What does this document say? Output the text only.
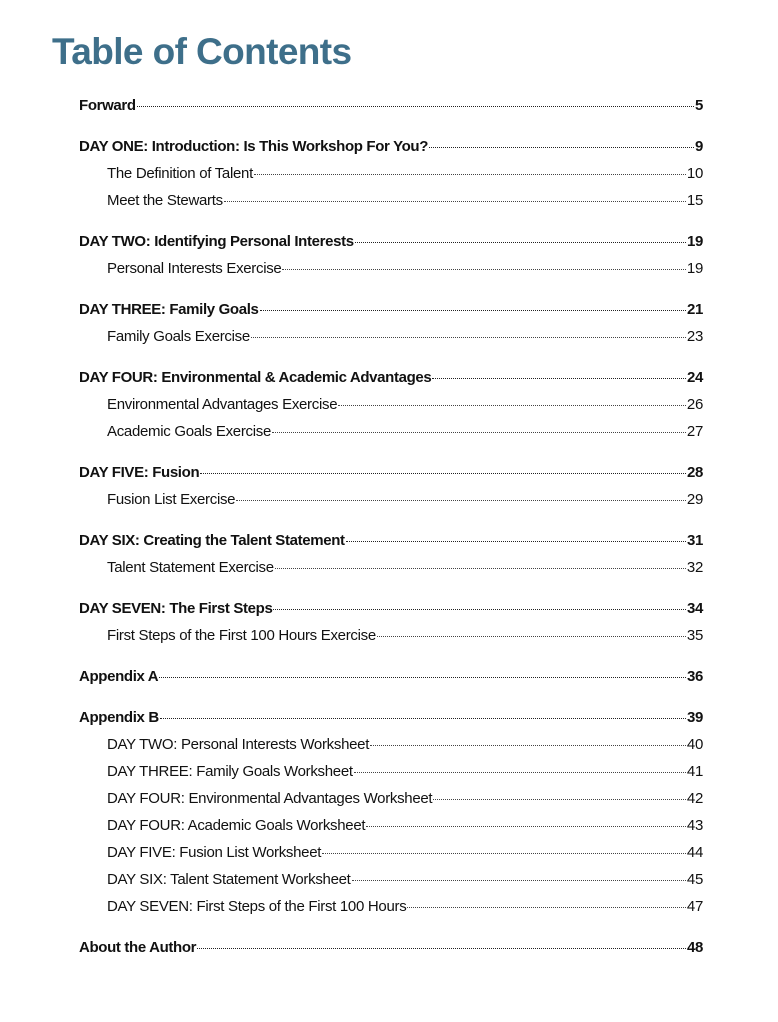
Table of Contents
Forward	5
DAY ONE: Introduction: Is This Workshop For You?	9
The Definition of Talent	10
Meet the Stewarts	15
DAY TWO: Identifying Personal Interests	19
Personal Interests Exercise	19
DAY THREE: Family Goals	21
Family Goals Exercise	23
DAY FOUR: Environmental & Academic Advantages	24
Environmental Advantages Exercise	26
Academic Goals Exercise	27
DAY FIVE: Fusion	28
Fusion List Exercise	29
DAY SIX: Creating the Talent Statement	31
Talent Statement Exercise	32
DAY SEVEN: The First Steps	34
First Steps of the First 100 Hours Exercise	35
Appendix A	36
Appendix B	39
DAY TWO: Personal Interests Worksheet	40
DAY THREE: Family Goals Worksheet	41
DAY FOUR: Environmental Advantages Worksheet	42
DAY FOUR: Academic Goals Worksheet	43
DAY FIVE: Fusion List Worksheet	44
DAY SIX: Talent Statement Worksheet	45
DAY SEVEN: First Steps of the First 100 Hours	47
About the Author	48
